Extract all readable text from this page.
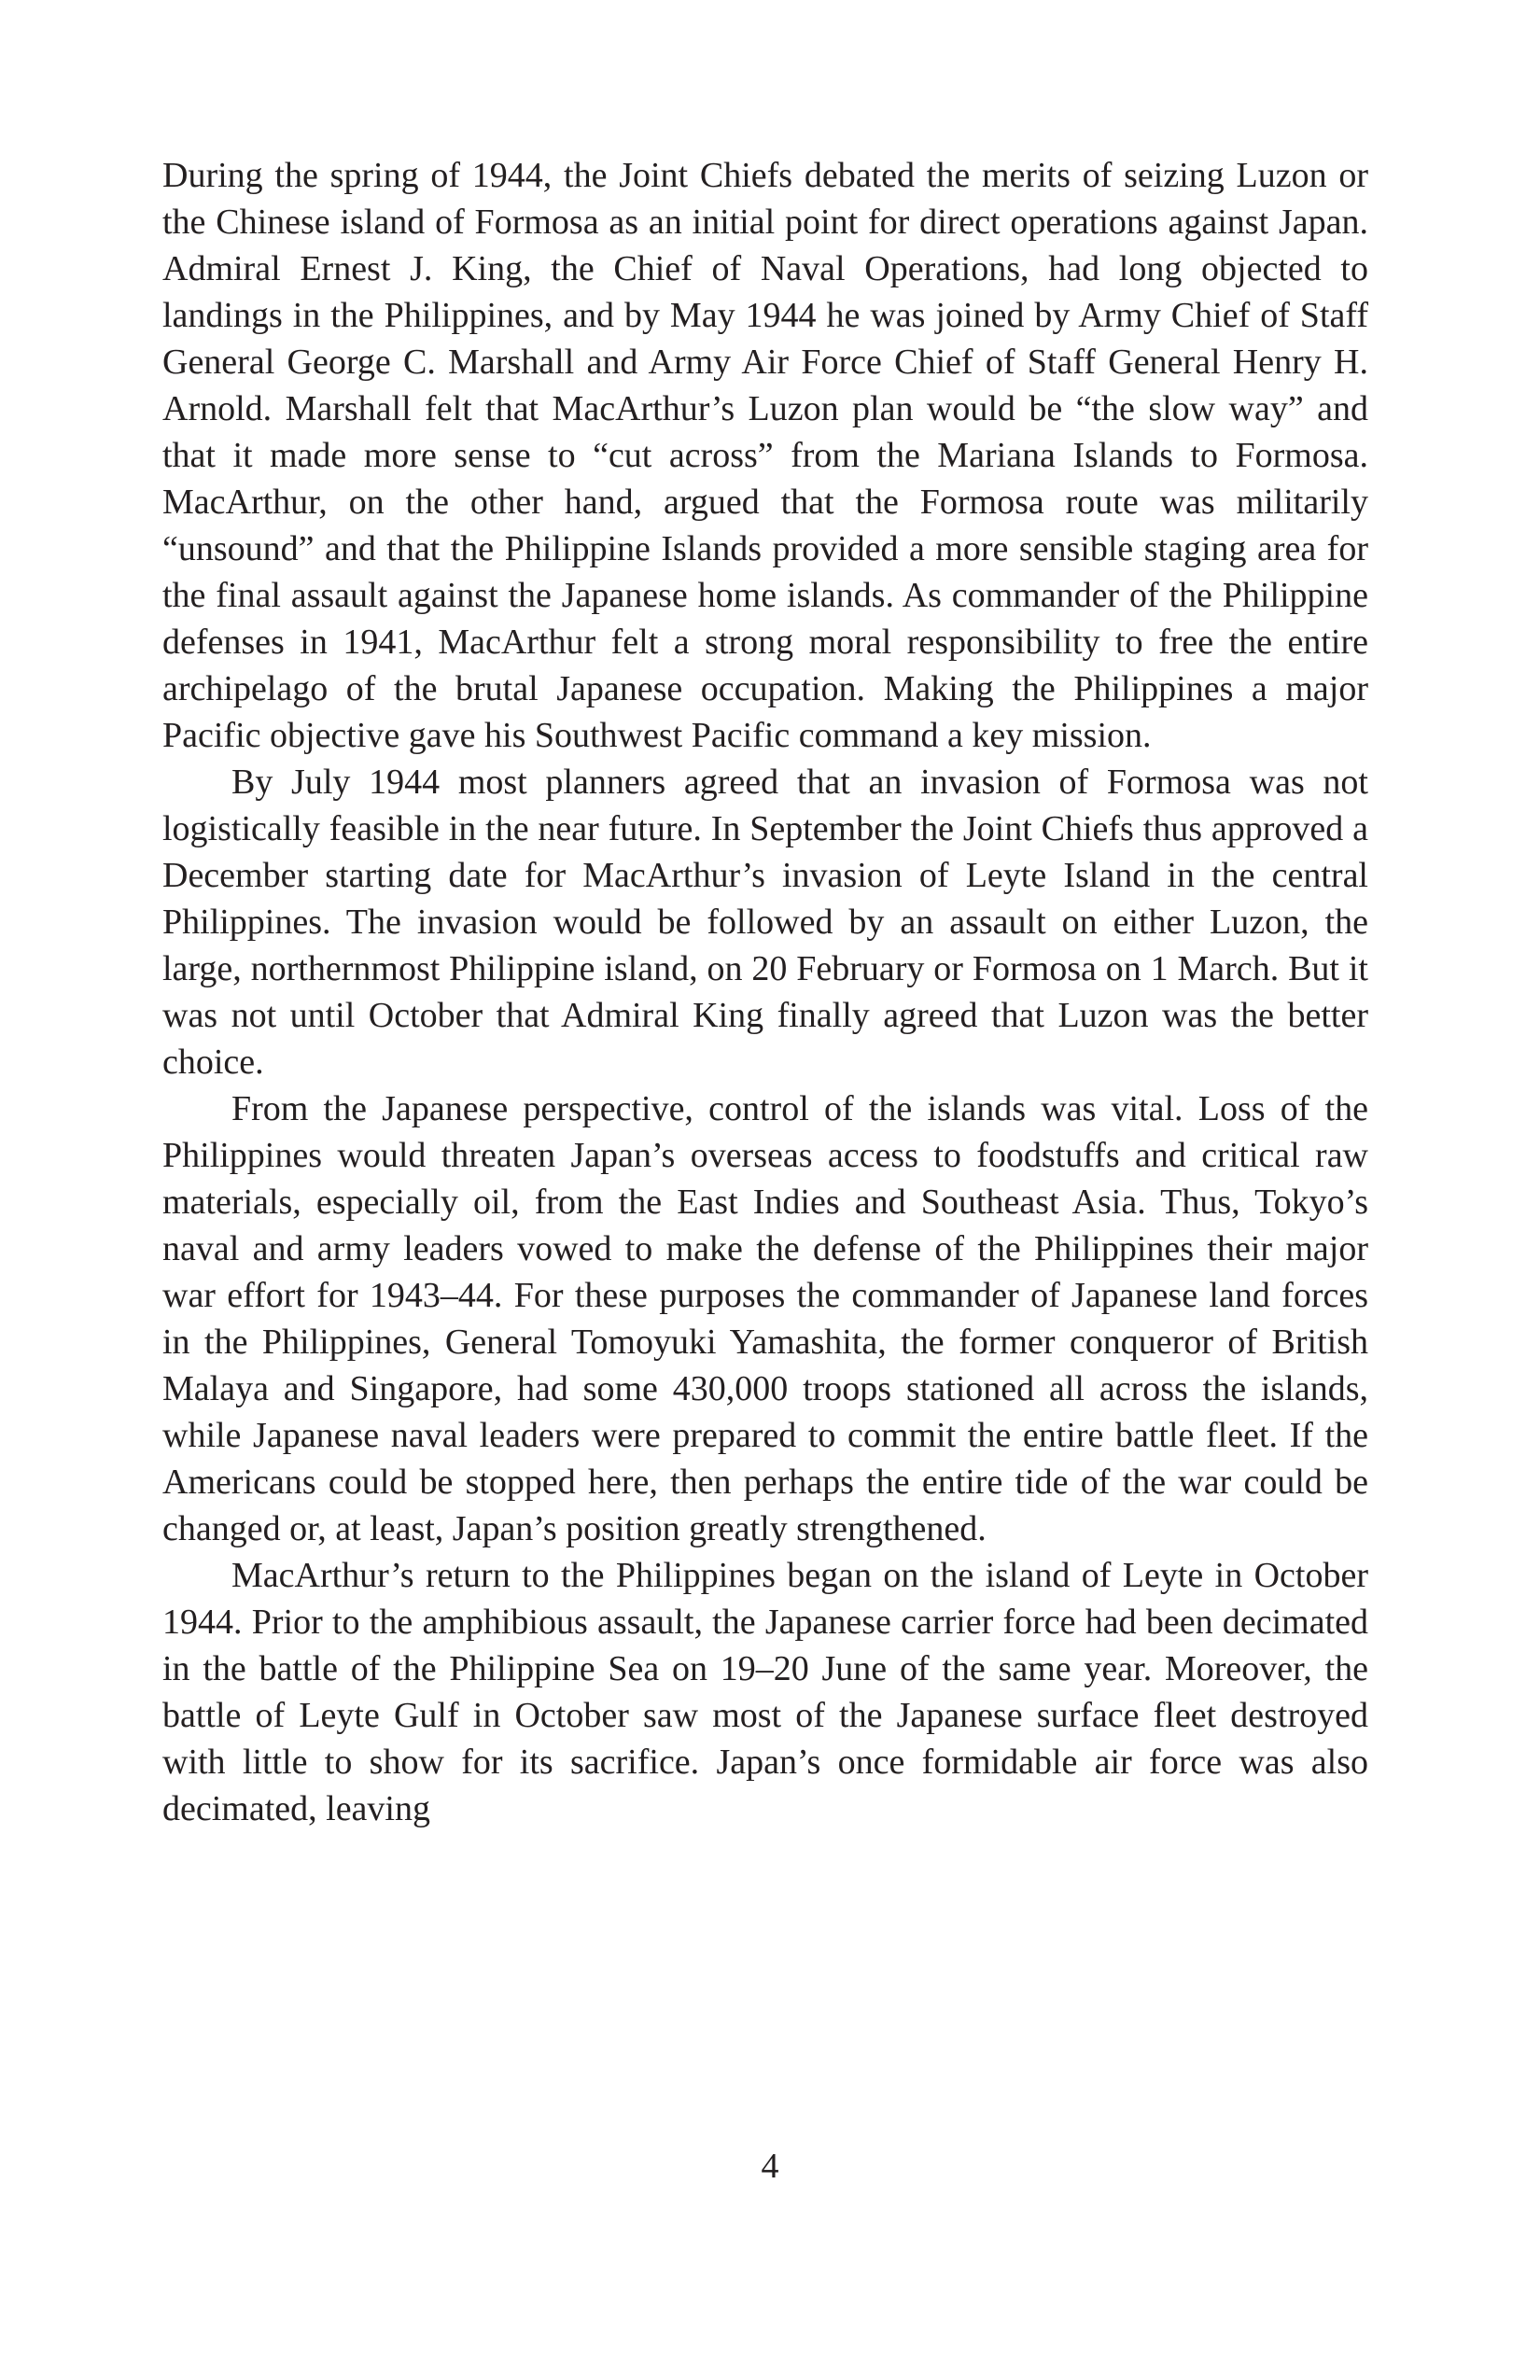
During the spring of 1944, the Joint Chiefs debated the merits of seizing Luzon or the Chinese island of Formosa as an initial point for direct operations against Japan. Admiral Ernest J. King, the Chief of Naval Operations, had long objected to landings in the Philippines, and by May 1944 he was joined by Army Chief of Staff General George C. Marshall and Army Air Force Chief of Staff General Henry H. Arnold. Marshall felt that MacArthur’s Luzon plan would be “the slow way” and that it made more sense to “cut across” from the Mariana Islands to Formosa. MacArthur, on the other hand, argued that the Formosa route was militarily “unsound” and that the Philippine Islands provided a more sensible staging area for the final assault against the Japanese home islands. As commander of the Philippine defenses in 1941, MacArthur felt a strong moral responsibility to free the entire archipelago of the brutal Japanese occupation. Making the Philippines a major Pacific objective gave his Southwest Pacific command a key mission.

By July 1944 most planners agreed that an invasion of Formosa was not logistically feasible in the near future. In September the Joint Chiefs thus approved a December starting date for MacArthur’s invasion of Leyte Island in the central Philippines. The invasion would be followed by an assault on either Luzon, the large, northernmost Philippine island, on 20 February or Formosa on 1 March. But it was not until October that Admiral King finally agreed that Luzon was the better choice.

From the Japanese perspective, control of the islands was vital. Loss of the Philippines would threaten Japan’s overseas access to foodstuffs and critical raw materials, especially oil, from the East Indies and Southeast Asia. Thus, Tokyo’s naval and army leaders vowed to make the defense of the Philippines their major war effort for 1943–44. For these purposes the commander of Japanese land forces in the Philippines, General Tomoyuki Yamashita, the former conqueror of British Malaya and Singapore, had some 430,000 troops stationed all across the islands, while Japanese naval leaders were prepared to commit the entire battle fleet. If the Americans could be stopped here, then perhaps the entire tide of the war could be changed or, at least, Japan’s position greatly strengthened.

MacArthur’s return to the Philippines began on the island of Leyte in October 1944. Prior to the amphibious assault, the Japanese carrier force had been decimated in the battle of the Philippine Sea on 19–20 June of the same year. Moreover, the battle of Leyte Gulf in October saw most of the Japanese surface fleet destroyed with little to show for its sacrifice. Japan’s once formidable air force was also decimated, leaving

4
